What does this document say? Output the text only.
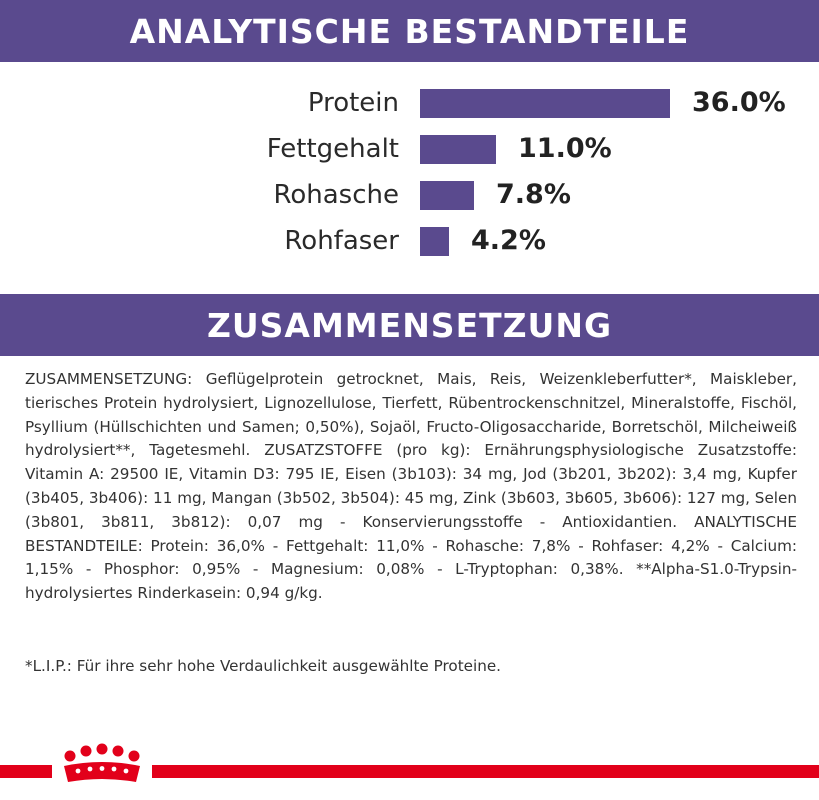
ANALYTISCHE BESTANDTEILE
Protein	36.0%
Fettgehalt	11.0%
Rohasche	7.8%
Rohfaser	4.2%
ZUSAMMENSETZUNG
ZUSAMMENSETZUNG: Geflügelprotein getrocknet, Mais, Reis, Weizenkleberfutter*, Maiskleber, tierisches Protein hydrolysiert, Lignozellulose, Tierfett, Rübentrockenschnitzel, Mineralstoffe, Fischöl, Psyllium (Hüllschichten und Samen; 0,50%), Sojaöl, Fructo-Oligosaccharide, Borretschöl, Milcheiweiß hydrolysiert**, Tagetesmehl. ZUSATZSTOFFE (pro kg): Ernährungsphysiologische Zusatzstoffe: Vitamin A: 29500 IE, Vitamin D3: 795 IE, Eisen (3b103): 34 mg, Jod (3b201, 3b202): 3,4 mg, Kupfer (3b405, 3b406): 11 mg, Mangan (3b502, 3b504): 45 mg, Zink (3b603, 3b605, 3b606): 127 mg, Selen (3b801, 3b811, 3b812): 0,07 mg - Konservierungsstoffe - Antioxidantien. ANALYTISCHE BESTANDTEILE: Protein: 36,0% - Fettgehalt: 11,0% - Rohasche: 7,8% - Rohfaser: 4,2% - Calcium: 1,15% - Phosphor: 0,95% - Magnesium: 0,08% - L-Tryptophan: 0,38%. **Alpha-S1.0-Trypsin-hydrolysiertes Rinderkasein: 0,94 g/kg.
*L.I.P.: Für ihre sehr hohe Verdaulichkeit ausgewählte Proteine.
